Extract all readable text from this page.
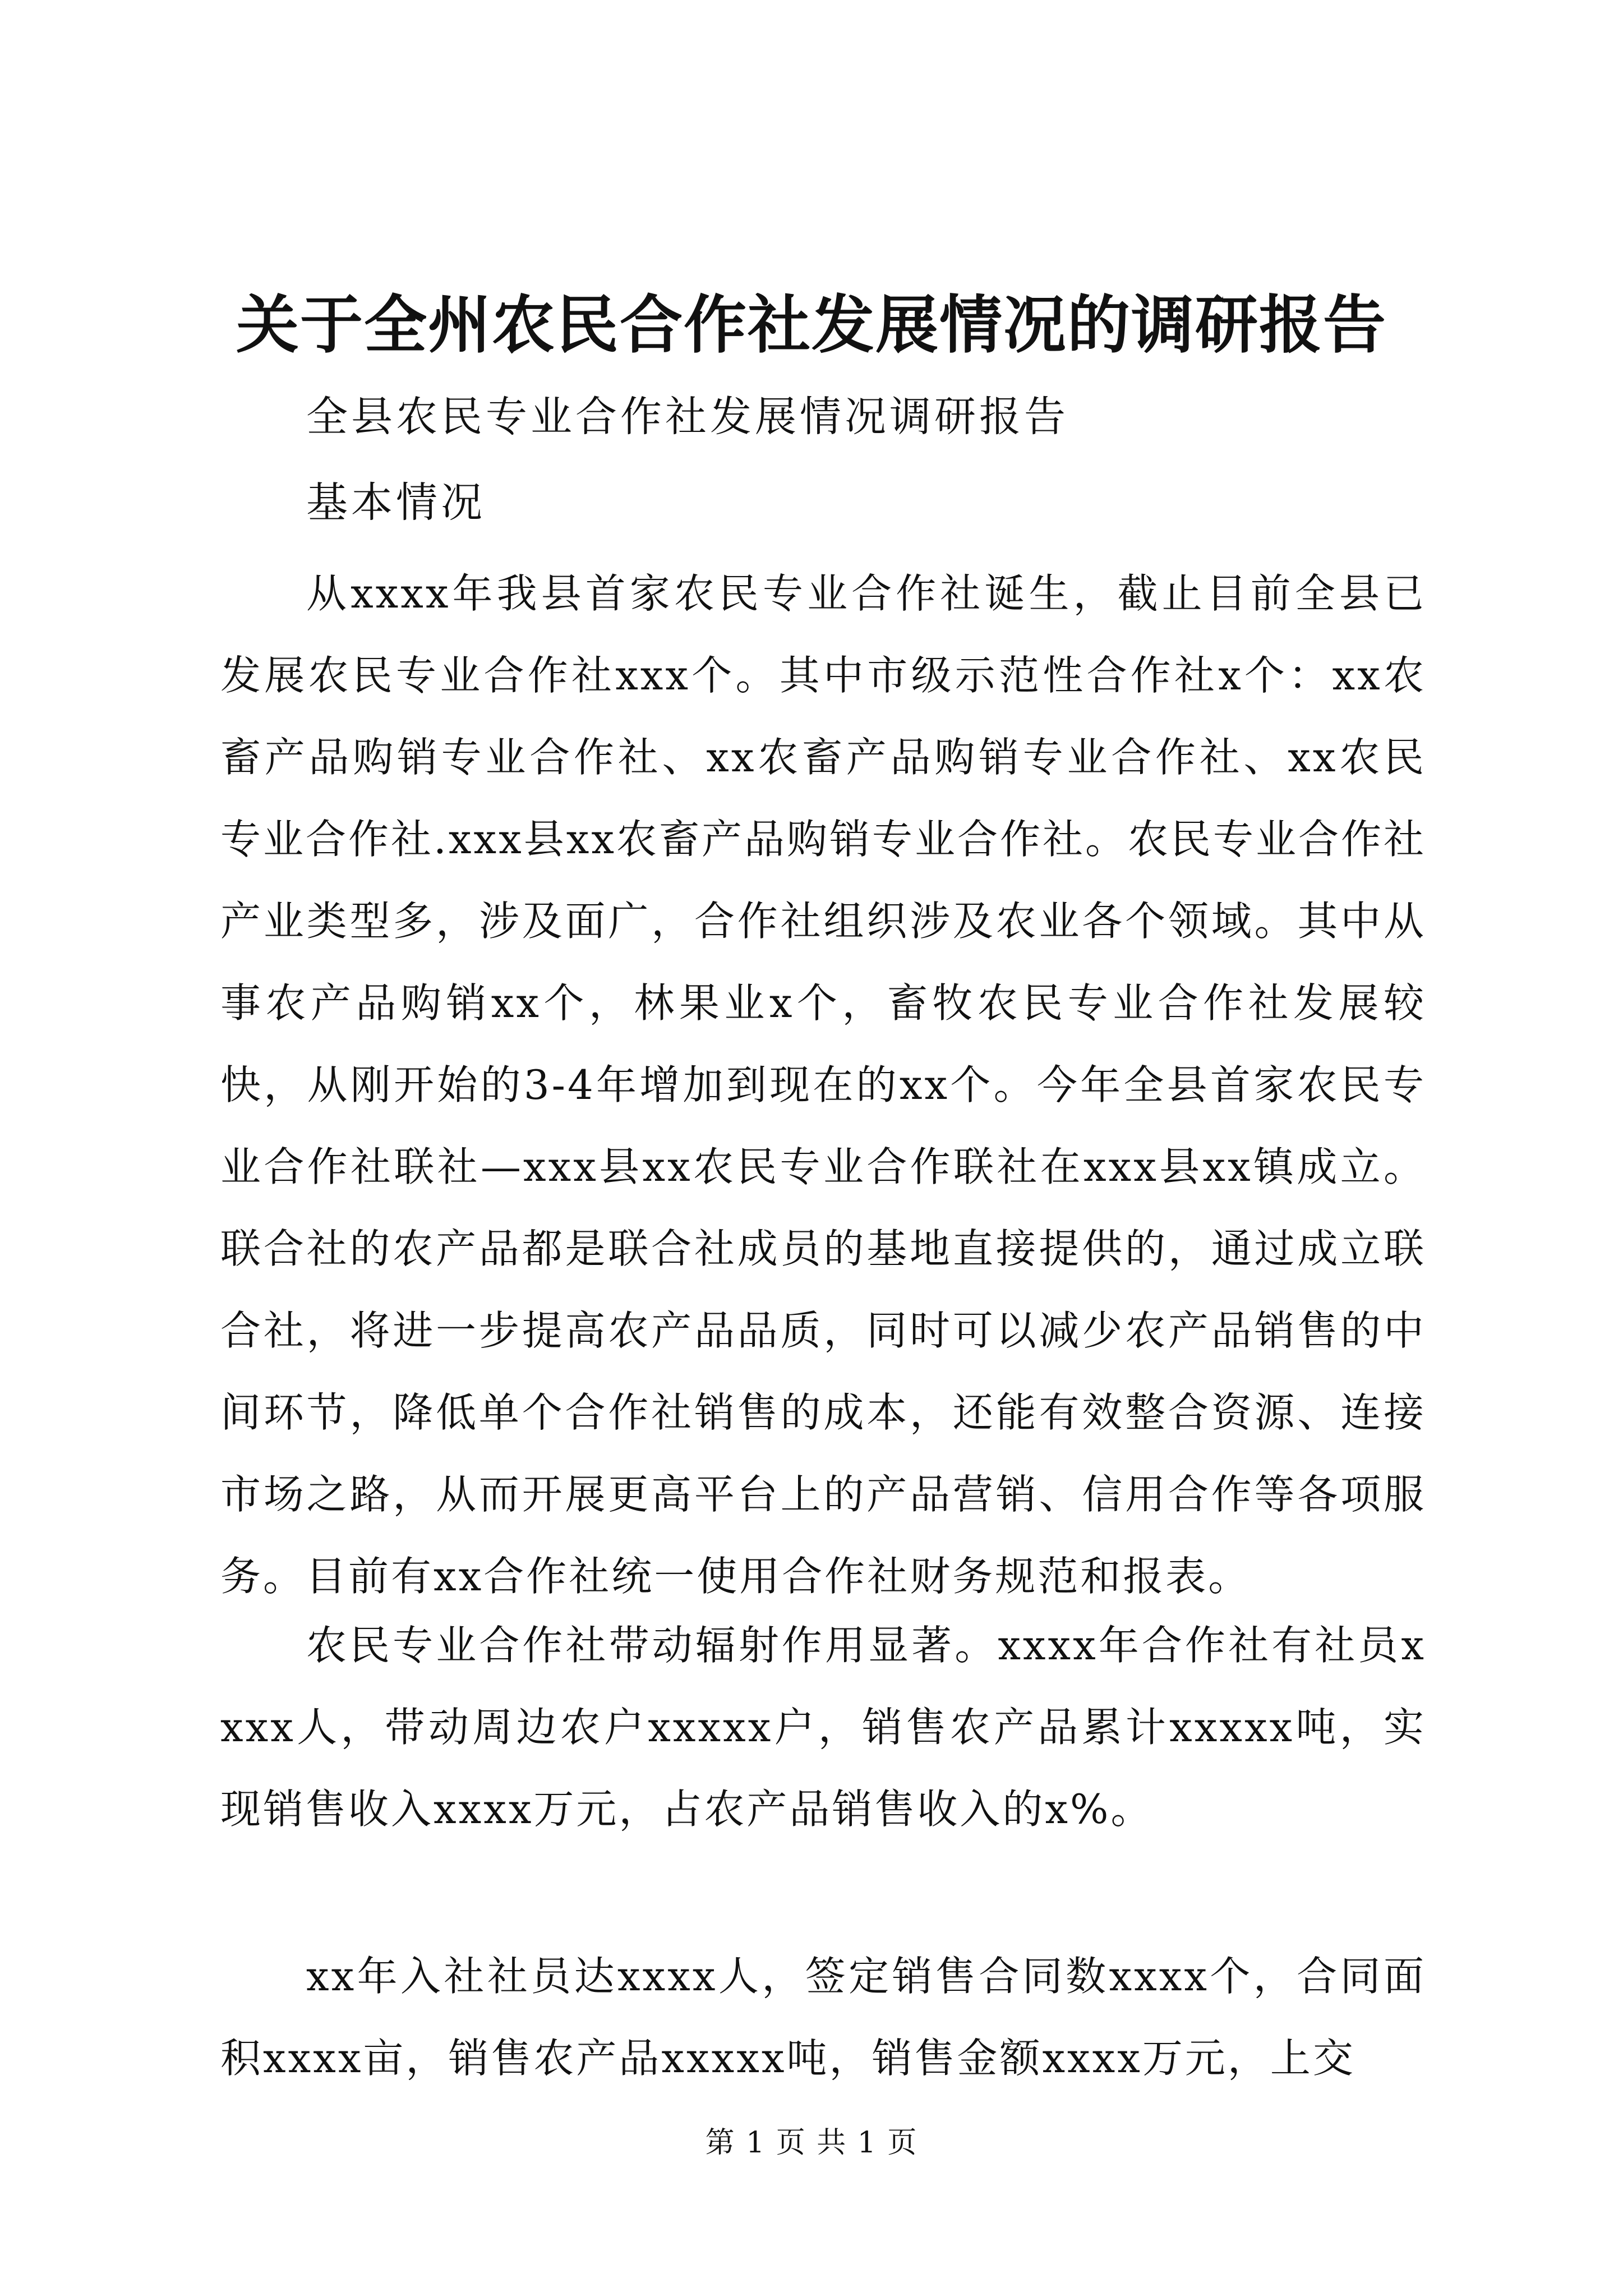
关于全州农民合作社发展情况的调研报告
全县农民专业合作社发展情况调研报告
基本情况

从xxxx年我县首家农民专业合作社诞生，截止目前全县已发展农民专业合作社xxx个。其中市级示范性合作社x个：xx农畜产品购销专业合作社、xx农畜产品购销专业合作社、xx农民专业合作社.xxx县xx农畜产品购销专业合作社。农民专业合作社产业类型多，涉及面广，合作社组织涉及农业各个领域。其中从事农产品购销xx个，林果业x个，畜牧农民专业合作社发展较快，从刚开始的3-4年增加到现在的xx个。今年全县首家农民专业合作社联社—xxx县xx农民专业合作联社在xxx县xx镇成立。联合社的农产品都是联合社成员的基地直接提供的，通过成立联合社，将进一步提高农产品品质，同时可以减少农产品销售的中间环节，降低单个合作社销售的成本，还能有效整合资源、连接市场之路，从而开展更高平台上的产品营销、信用合作等各项服务。目前有xx合作社统一使用合作社财务规范和报表。

农民专业合作社带动辐射作用显著。xxxx年合作社有社员xxxx人，带动周边农户xxxxx户，销售农产品累计xxxxx吨，实现销售收入xxxx万元，占农产品销售收入的x%。

xx年入社社员达xxxx人，签定销售合同数xxxx个，合同面积xxxx亩，销售农产品xxxxx吨，销售金额xxxx万元，上交

第 1 页 共 1 页
